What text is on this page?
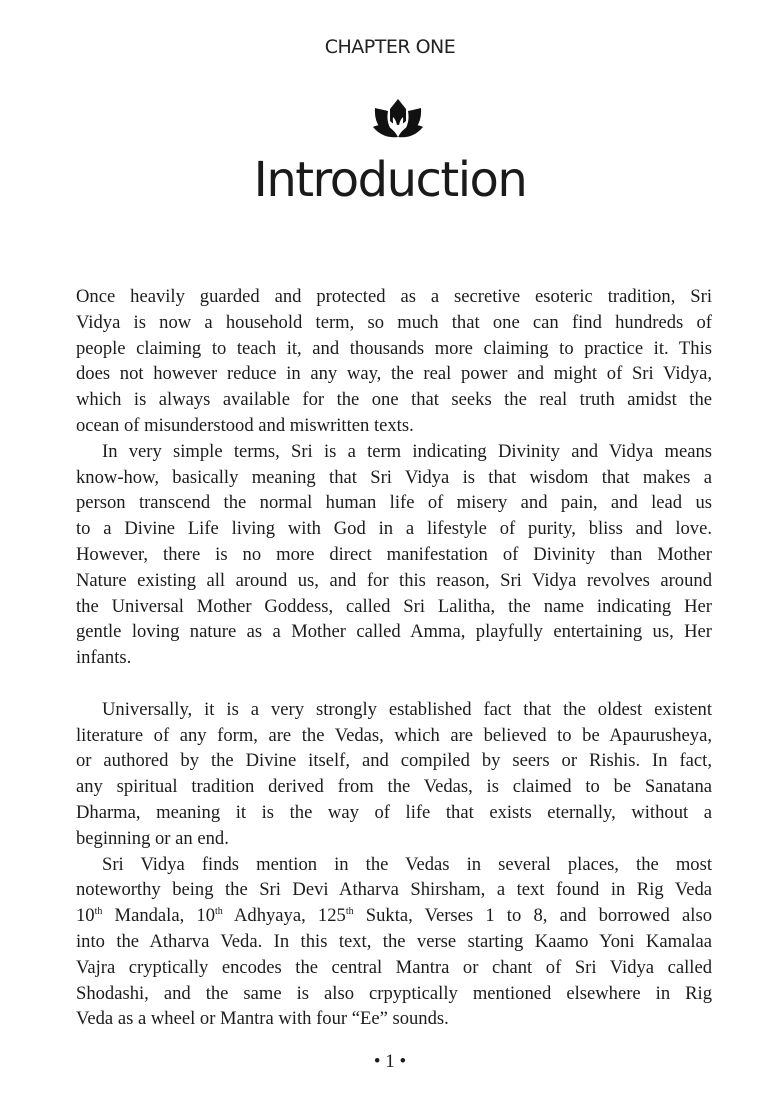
CHAPTER ONE
Introduction
Once heavily guarded and protected as a secretive esoteric tradition, Sri
Vidya is now a household term, so much that one can find hundreds of
people claiming to teach it, and thousands more claiming to practice it. This
does not however reduce in any way, the real power and might of Sri Vidya,
which is always available for the one that seeks the real truth amidst the
ocean of misunderstood and miswritten texts.
In very simple terms, Sri is a term indicating Divinity and Vidya means
know-how, basically meaning that Sri Vidya is that wisdom that makes a
person transcend the normal human life of misery and pain, and lead us
to a Divine Life living with God in a lifestyle of purity, bliss and love.
However, there is no more direct manifestation of Divinity than Mother
Nature existing all around us, and for this reason, Sri Vidya revolves around
the Universal Mother Goddess, called Sri Lalitha, the name indicating Her
gentle loving nature as a Mother called Amma, playfully entertaining us, Her
infants.
Universally, it is a very strongly established fact that the oldest existent
literature of any form, are the Vedas, which are believed to be Apaurusheya,
or authored by the Divine itself, and compiled by seers or Rishis. In fact,
any spiritual tradition derived from the Vedas, is claimed to be Sanatana
Dharma, meaning it is the way of life that exists eternally, without a
beginning or an end.
Sri Vidya finds mention in the Vedas in several places, the most
noteworthy being the Sri Devi Atharva Shirsham, a text found in Rig Veda
10th Mandala, 10th Adhyaya, 125th Sukta, Verses 1 to 8, and borrowed also
into the Atharva Veda. In this text, the verse starting Kaamo Yoni Kamalaa
Vajra cryptically encodes the central Mantra or chant of Sri Vidya called
Shodashi, and the same is also crpyptically mentioned elsewhere in Rig
Veda as a wheel or Mantra with four “Ee” sounds.
• 1 •
